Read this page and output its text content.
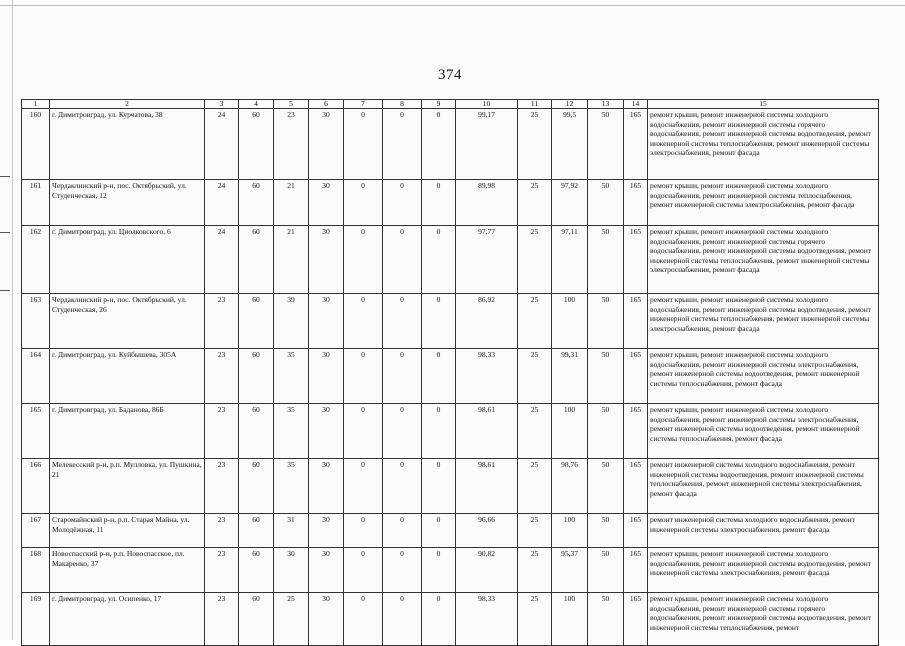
374
1	2	3	4	5	6	7	8	9	10	11	12	13	14	15
160	г. Димитровград, ул. Курчатова, 38	24	60	23	30	0	0	0	99,17	25	99,5	50	165	ремонт крыши, ремонт инженерной системы холодного водоснабжения, ремонт инженерной системы горячего водоснабжения, ремонт инженерной системы водоотведения, ремонт инженерной системы теплоснабжения, ремонт инженерной системы электроснабжения, ремонт фасада
161	Чердаклинский р-н, пос. Октябрьский, ул. Студенческая, 12	24	60	21	30	0	0	0	89,98	25	97,92	50	165	ремонт крыши, ремонт инженерной системы холодного водоснабжения, ремонт инженерной системы теплоснабжения, ремонт инженерной системы электроснабжения, ремонт фасада
162	г. Димитровград, ул. Циолковского, 6	24	60	21	30	0	0	0	97,77	25	97,11	50	165	ремонт крыши, ремонт инженерной системы холодного водоснабжения, ремонт инженерной системы горячего водоснабжения, ремонт инженерной системы водоотведения, ремонт инженерной системы теплоснабжения, ремонт инженерной системы электроснабжения, ремонт фасада
163	Чердаклинский р-н, пос. Октябрьский, ул. Студенческая, 26	23	60	39	30	0	0	0	86,92	25	100	50	165	ремонт крыши, ремонт инженерной системы холодного водоснабжения, ремонт инженерной системы водоотведения, ремонт инженерной системы теплоснабжения, ремонт инженерной системы электроснабжения, ремонт фасада
164	г. Димитровград, ул. Куйбышева, 305А	23	60	35	30	0	0	0	98,33	25	99,31	50	165	ремонт крыши, ремонт инженерной системы холодного водоснабжения, ремонт инженерной системы электроснабжения, ремонт инженерной системы водоотведения, ремонт инженерной системы теплоснабжения, ремонт фасада
165	г. Димитровград, ул. Баданова, 86Б	23	60	35	30	0	0	0	98,61	25	100	50	165	ремонт крыши, ремонт инженерной системы холодного водоснабжения, ремонт инженерной системы электроснабжения, ремонт инженерной системы водоотведения, ремонт инженерной системы теплоснабжения, ремонт фасада
166	Мелекесский р-н, р.п. Мулловка, ул. Пушкина, 21	23	60	35	30	0	0	0	98,61	25	98,76	50	165	ремонт инженерной системы холодного водоснабжения, ремонт инженерной системы водоотведения, ремонт инженерной системы теплоснабжения, ремонт инженерной системы электроснабжения, ремонт фасада
167	Старомайнский р-н, р.п. Старая Майна, ул. Молодёжная, 11	23	60	31	30	0	0	0	96,66	25	100	50	165	ремонт инженерной системы холодного водоснабжения, ремонт инженерной системы электроснабжения, ремонт фасада
168	Новоспасский р-н, р.п. Новоспасское, пл. Макаренко, 37	23	60	30	30	0	0	0	90,82	25	95,37	50	165	ремонт крыши, ремонт инженерной системы холодного водоснабжения, ремонт инженерной системы водоотведения, ремонт инженерной системы электроснабжения, ремонт фасада
169	г. Димитровград, ул. Осипенко, 17	23	60	25	30	0	0	0	98,33	25	100	50	165	ремонт крыши, ремонт инженерной системы холодного водоснабжения, ремонт инженерной системы горячего водоснабжения, ремонт инженерной системы водоотведения, ремонт инженерной системы теплоснабжения, ремонт
